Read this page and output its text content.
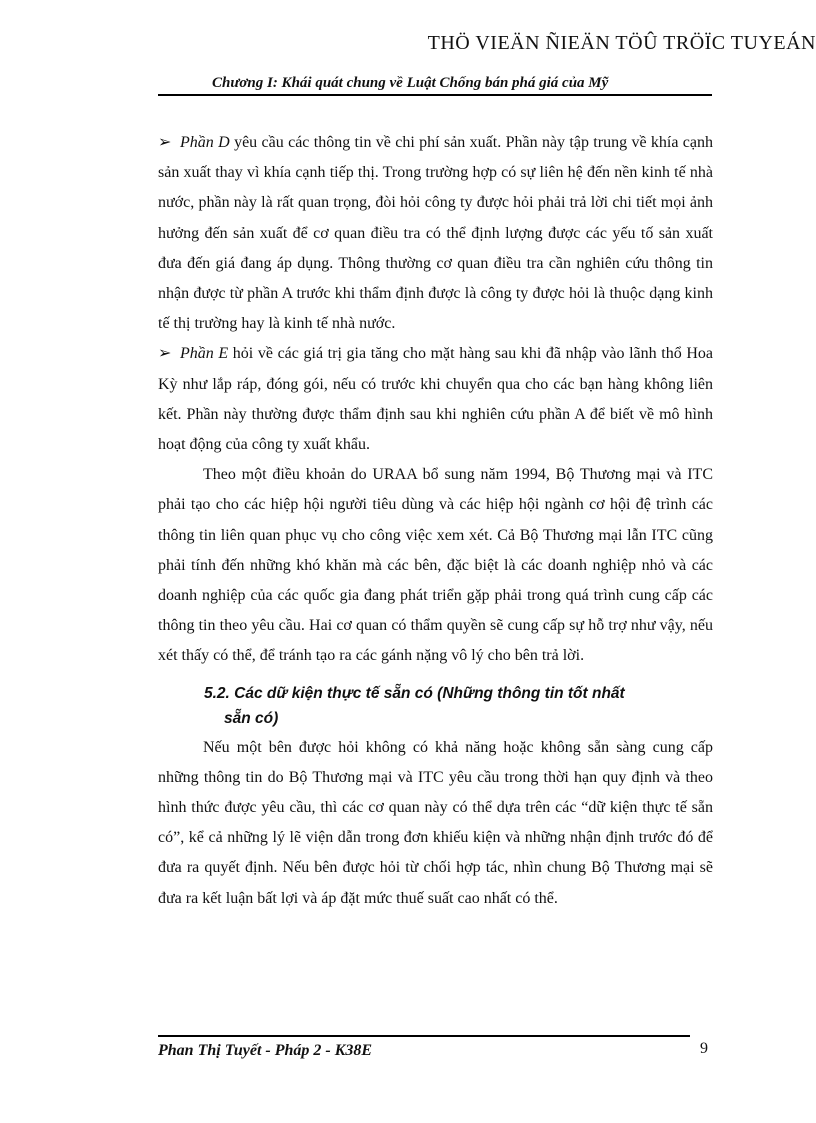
THÖ VIEÄN ÑIEÄN TÖÛ TRÖÏC TUYEÁN
Chương I: Khái quát chung về Luật Chống bán phá giá của Mỹ

➢ Phần D yêu cầu các thông tin về chi phí sản xuất. Phần này tập trung về khía cạnh sản xuất thay vì khía cạnh tiếp thị. Trong trường hợp có sự liên hệ đến nền kinh tế nhà nước, phần này là rất quan trọng, đòi hỏi công ty được hỏi phải trả lời chi tiết mọi ảnh hưởng đến sản xuất để cơ quan điều tra có thể định lượng được các yếu tố sản xuất đưa đến giá đang áp dụng. Thông thường cơ quan điều tra cần nghiên cứu thông tin nhận được từ phần A trước khi thẩm định được là công ty được hỏi là thuộc dạng kinh tế thị trường hay là kinh tế nhà nước.

➢ Phần E hỏi về các giá trị gia tăng cho mặt hàng sau khi đã nhập vào lãnh thổ Hoa Kỳ như lắp ráp, đóng gói, nếu có trước khi chuyển qua cho các bạn hàng không liên kết. Phần này thường được thẩm định sau khi nghiên cứu phần A để biết về mô hình hoạt động của công ty xuất khẩu.

Theo một điều khoản do URAA bổ sung năm 1994, Bộ Thương mại và ITC phải tạo cho các hiệp hội người tiêu dùng và các hiệp hội ngành cơ hội đệ trình các thông tin liên quan phục vụ cho công việc xem xét. Cả Bộ Thương mại lẫn ITC cũng phải tính đến những khó khăn mà các bên, đặc biệt là các doanh nghiệp nhỏ và các doanh nghiệp của các quốc gia đang phát triển gặp phải trong quá trình cung cấp các thông tin theo yêu cầu. Hai cơ quan có thẩm quyền sẽ cung cấp sự hỗ trợ như vậy, nếu xét thấy có thể, để tránh tạo ra các gánh nặng vô lý cho bên trả lời.

5.2. Các dữ kiện thực tế sẵn có (Những thông tin tốt nhất
sẵn có)

Nếu một bên được hỏi không có khả năng hoặc không sẵn sàng cung cấp những thông tin do Bộ Thương mại và ITC yêu cầu trong thời hạn quy định và theo hình thức được yêu cầu, thì các cơ quan này có thể dựa trên các “dữ kiện thực tế sẵn có”, kể cả những lý lẽ viện dẫn trong đơn khiếu kiện và những nhận định trước đó để đưa ra quyết định. Nếu bên được hỏi từ chối hợp tác, nhìn chung Bộ Thương mại sẽ đưa ra kết luận bất lợi và áp đặt mức thuế suất cao nhất có thể.

Phan Thị Tuyết - Pháp 2 - K38E	9
